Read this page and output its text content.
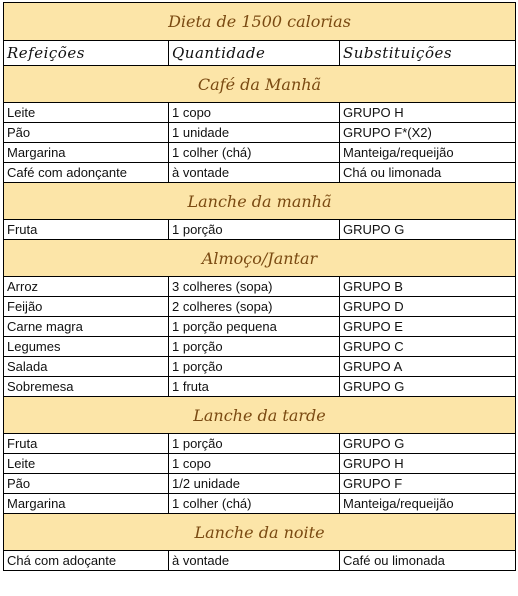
Dieta de 1500 calorias		
Refeições	Quantidade	Substituições
Café da Manhã		
Leite	1 copo	GRUPO H
Pão	1 unidade	GRUPO F*(X2)
Margarina	1 colher (chá)	Manteiga/requeijão
Café com adonçante	à vontade	Chá ou limonada
Lanche da manhã		
Fruta	1 porção	GRUPO G
Almoço/Jantar		
Arroz	3 colheres (sopa)	GRUPO B
Feijão	2 colheres (sopa)	GRUPO D
Carne magra	1 porção pequena	GRUPO E
Legumes	1 porção	GRUPO C
Salada	1 porção	GRUPO A
Sobremesa	1 fruta	GRUPO G
Lanche da tarde		
Fruta	1 porção	GRUPO G
Leite	1 copo	GRUPO H
Pão	1/2 unidade	GRUPO F
Margarina	1 colher (chá)	Manteiga/requeijão
Lanche da noite		
Chá com adoçante	à vontade	Café ou limonada
